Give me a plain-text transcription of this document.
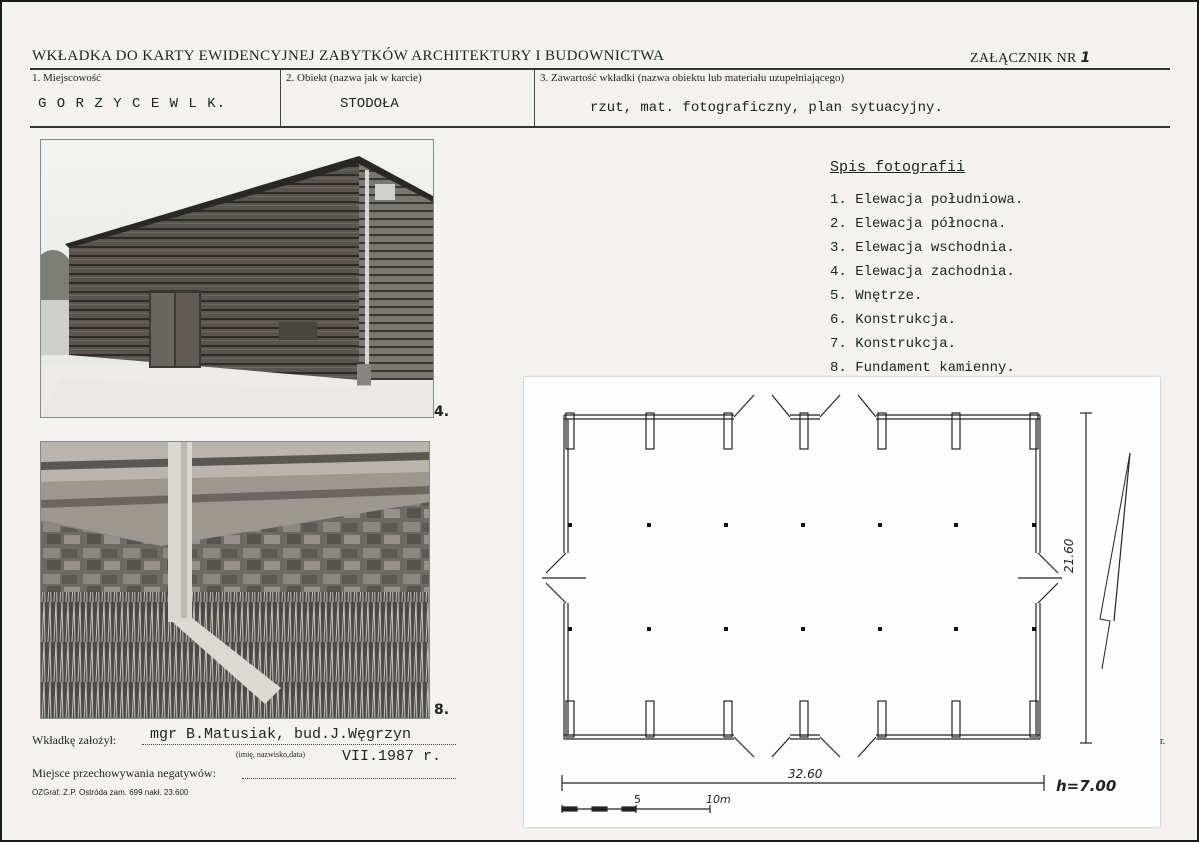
WKŁADKA DO KARTY EWIDENCYJNEJ ZABYTKÓW ARCHITEKTURY I BUDOWNICTWA	ZAŁĄCZNIK NR 1
1. Miejscowość
G O R Z Y C E W L K.
2. Obiekt (nazwa jak w karcie)
STODOŁA
3. Zawartość wkładki (nazwa obiektu lub materiału uzupełniającego)
rzut, mat. fotograficzny, plan sytuacyjny.
4.
8.
Spis fotografii
1. Elewacja południowa.
2. Elewacja północna.
3. Elewacja wschodnia.
4. Elewacja zachodnia.
5. Wnętrze.
6. Konstrukcja.
7. Konstrukcja.
8. Fundament kamienny.
32.60
21.60
5	10m
h=7.00
r.
Wkładkę założył: mgr B.Matusiak, bud.J.Węgrzyn
(imię, nazwisko,data) VII.1987 r.
Miejsce przechowywania negatywów:
OZGraf. Z.P. Ostróda zam. 699 nakł. 23.600
